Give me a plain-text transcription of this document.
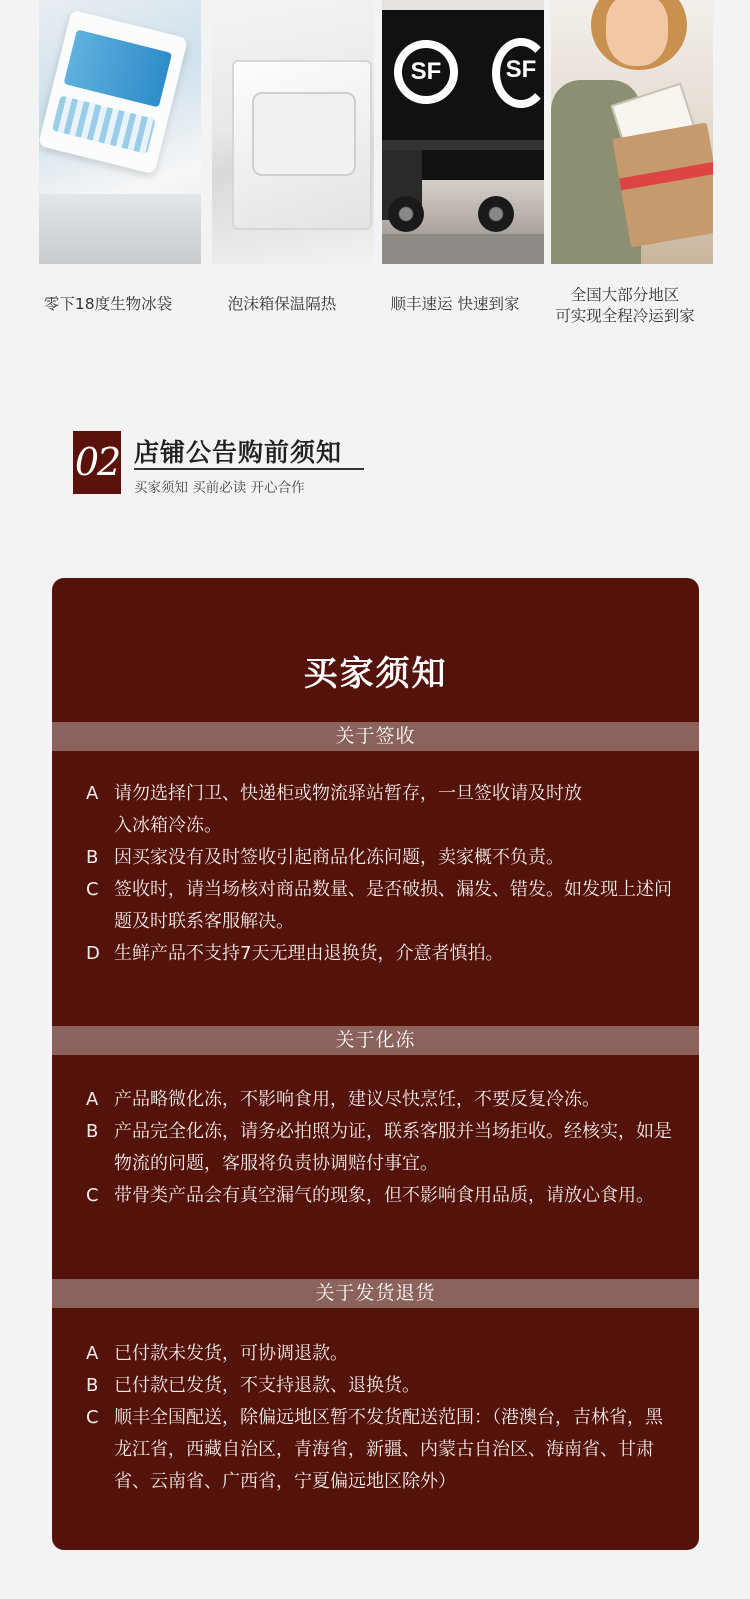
SF	SF
零下18度生物冰袋	泡沫箱保温隔热	顺丰速运 快速到家	全国大部分地区
可实现全程冷运到家
02 店铺公告购前须知
买家须知 买前必读 开心合作
买家须知
关于签收
A 请勿选择门卫、快递柜或物流驿站暂存，一旦签收请及时放入冰箱冷冻。
B 因买家没有及时签收引起商品化冻问题，卖家概不负责。
C 签收时，请当场核对商品数量、是否破损、漏发、错发。如发现上述问题及时联系客服解决。
D 生鲜产品不支持7天无理由退换货，介意者慎拍。
关于化冻
A 产品略微化冻，不影响食用，建议尽快烹饪，不要反复冷冻。
B 产品完全化冻，请务必拍照为证，联系客服并当场拒收。经核实，如是物流的问题，客服将负责协调赔付事宜。
C 带骨类产品会有真空漏气的现象，但不影响食用品质，请放心食用。
关于发货退货
A 已付款未发货，可协调退款。
B 已付款已发货，不支持退款、退换货。
C 顺丰全国配送，除偏远地区暂不发货配送范围：（港澳台，吉林省，黑龙江省，西藏自治区，青海省，新疆、内蒙古自治区、海南省、甘肃省、云南省、广西省，宁夏偏远地区除外）
